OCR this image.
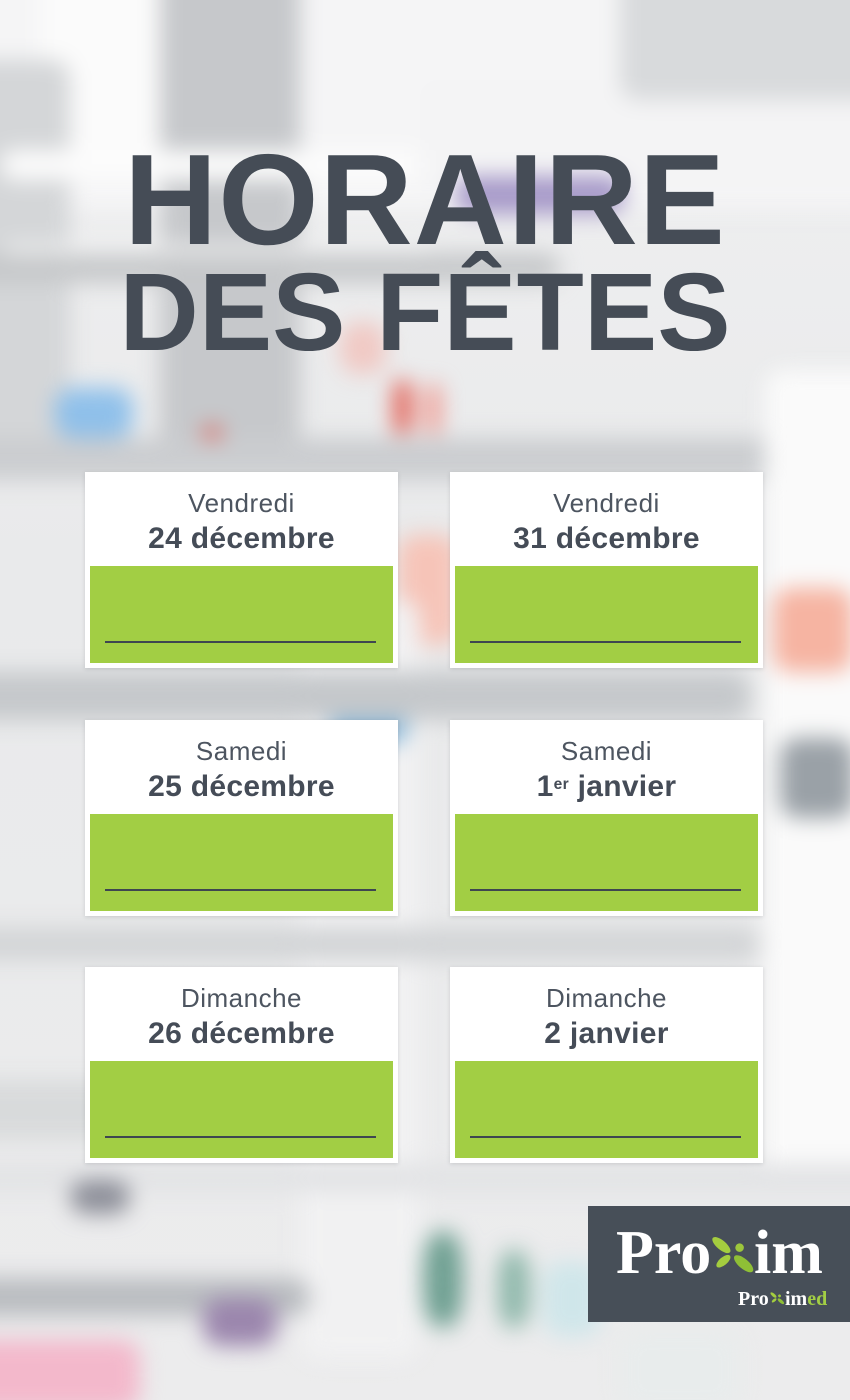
HORAIRE
DES FÊTES
Vendredi
24 décembre
Vendredi
31 décembre
Samedi
25 décembre
Samedi
1er janvier
Dimanche
26 décembre
Dimanche
2 janvier
Pro im
Pro imed
